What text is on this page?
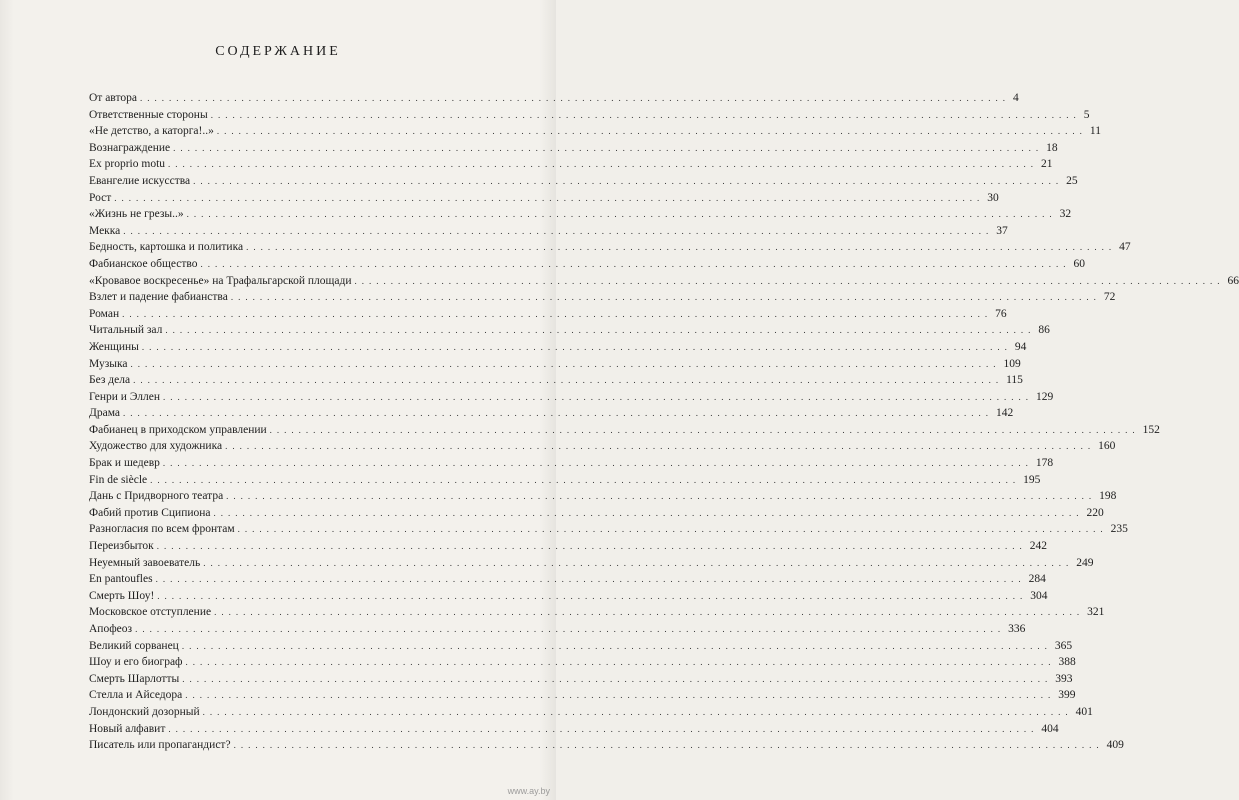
СОДЕРЖАНИЕ
От автора ........................................................................................................................ 4
Ответственные стороны ........................................................................................................................ 5
«Не детство, а каторга!..» ........................................................................................................................ 11
Вознаграждение ........................................................................................................................ 18
Ex proprio motu ........................................................................................................................ 21
Евангелие искусства ........................................................................................................................ 25
Рост ........................................................................................................................ 30
«Жизнь не грезы..» ........................................................................................................................ 32
Мекка ........................................................................................................................ 37
Бедность, картошка и политика ........................................................................................................................ 47
Фабианское общество ........................................................................................................................ 60
«Кровавое воскресенье» на Трафальгарской площади ........................................................................................................................ 66
Взлет и падение фабианства ........................................................................................................................ 72
Роман ........................................................................................................................ 76
Читальный зал ........................................................................................................................ 86
Женщины ........................................................................................................................ 94
Музыка ........................................................................................................................ 109
Без дела ........................................................................................................................ 115
Генри и Эллен ........................................................................................................................ 129
Драма ........................................................................................................................ 142
Фабианец в приходском управлении ........................................................................................................................ 152
Художество для художника ........................................................................................................................ 160
Брак и шедевр ........................................................................................................................ 178
Fin de siècle ........................................................................................................................ 195
Дань с Придворного театра ........................................................................................................................ 198
Фабий против Сципиона ........................................................................................................................ 220
Разногласия по всем фронтам ........................................................................................................................ 235
Переизбыток ........................................................................................................................ 242
Неуемный завоеватель ........................................................................................................................ 249
En pantoufles ........................................................................................................................ 284
Смерть Шоу! ........................................................................................................................ 304
Московское отступление ........................................................................................................................ 321
Апофеоз ........................................................................................................................ 336
Великий сорванец ........................................................................................................................ 365
Шоу и его биограф ........................................................................................................................ 388
Смерть Шарлотты ........................................................................................................................ 393
Стелла и Айседора ........................................................................................................................ 399
Лондонский дозорный ........................................................................................................................ 401
Новый алфавит ........................................................................................................................ 404
Писатель или пропагандист? ........................................................................................................................ 409
www.ay.by
